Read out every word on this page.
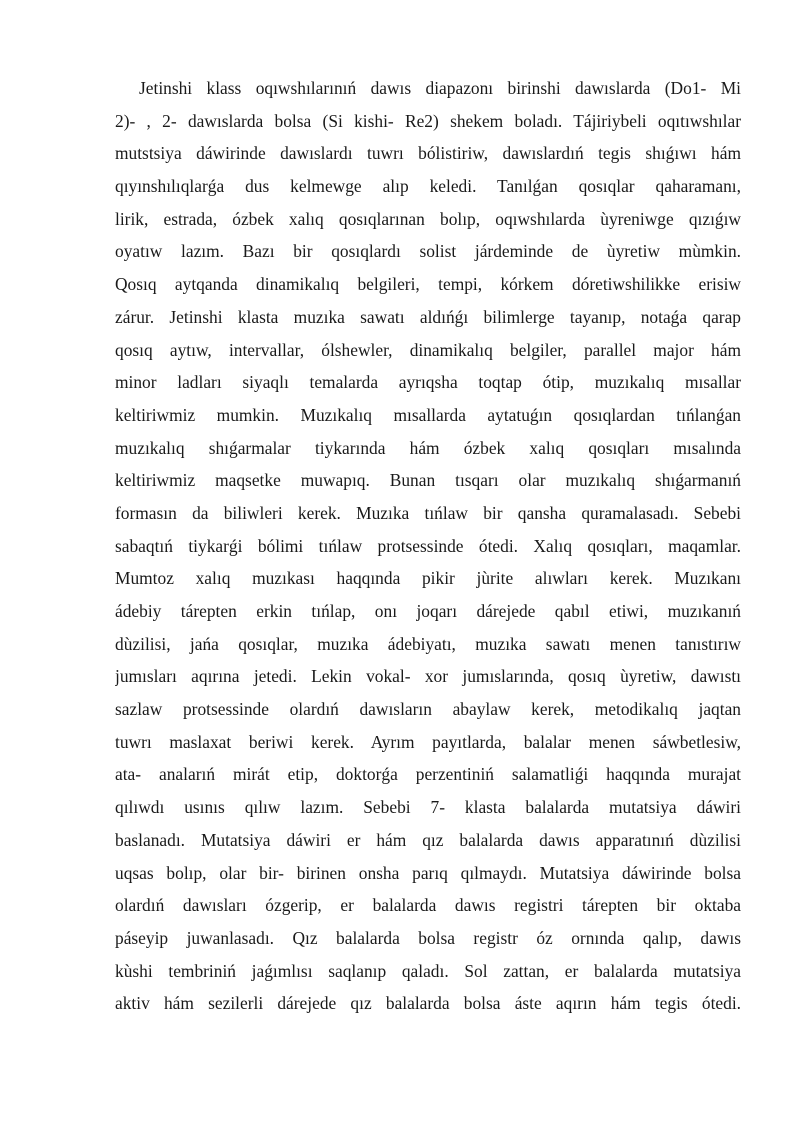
Jetinshi klass oqıwshılarınıń dawıs diapazonı birinshi dawıslarda (Do1- Mi
2)- , 2- dawıslarda bolsa (Si kishi- Re2) shekem boladı. Tájiriybeli oqıtıwshılar
mutstsiya dáwirinde dawıslardı tuwrı bólistiriw, dawıslardıń tegis shıǵıwı hám
qıyınshılıqlarǵa dus kelmewge alıp keledi. Tanılǵan qosıqlar qaharamanı,
lirik, estrada, ózbek xalıq qosıqlarınan bolıp, oqıwshılarda ùyreniwge qızıǵıw
oyatıw lazım. Bazı bir qosıqlardı solist járdeminde de ùyretiw mùmkin.
Qosıq aytqanda dinamikalıq belgileri, tempi, kórkem dóretiwshilikke erisiw
zárur. Jetinshi klasta muzıka sawatı aldıńǵı bilimlerge tayanıp, notaǵa qarap
qosıq aytıw, intervallar, ólshewler, dinamikalıq belgiler, parallel major hám
minor ladları siyaqlı temalarda ayrıqsha toqtap ótip, muzıkalıq mısallar
keltiriwmiz mumkin. Muzıkalıq mısallarda aytatuǵın qosıqlardan tıńlanǵan
muzıkalıq shıǵarmalar tiykarında hám ózbek xalıq qosıqları mısalında
keltiriwmiz maqsetke muwapıq. Bunan tısqarı olar muzıkalıq shıǵarmanıń
formasın da biliwleri kerek. Muzıka tıńlaw bir qansha quramalasadı. Sebebi
sabaqtıń tiykarǵi bólimi tıńlaw protsessinde ótedi. Xalıq qosıqları, maqamlar.
Mumtoz xalıq muzıkası haqqında pikir jùrite alıwları kerek. Muzıkanı
ádebiy tárepten erkin tıńlap, onı joqarı dárejede qabıl etiwi, muzıkanıń
dùzilisi, jańa qosıqlar, muzıka ádebiyatı, muzıka sawatı menen tanıstırıw
jumısları aqırına jetedi. Lekin vokal- xor jumıslarında, qosıq ùyretiw, dawıstı
sazlaw protsessinde olardıń dawısların abaylaw kerek, metodikalıq jaqtan
tuwrı maslaxat beriwi kerek. Ayrım payıtlarda, balalar menen sáwbetlesiw,
ata- analarıń mirát etip, doktorǵa perzentiniń salamatliǵi haqqında murajat
qılıwdı usınıs qılıw lazım. Sebebi 7- klasta balalarda mutatsiya dáwiri
baslanadı. Mutatsiya dáwiri er hám qız balalarda dawıs apparatınıń dùzilisi
uqsas bolıp, olar bir- birinen onsha parıq qılmaydı. Mutatsiya dáwirinde bolsa
olardıń dawısları ózgerip, er balalarda dawıs registri tárepten bir oktaba
páseyip juwanlasadı. Qız balalarda bolsa registr óz ornında qalıp, dawıs
kùshi tembriniń jaǵımlısı saqlanıp qaladı. Sol zattan, er balalarda mutatsiya
aktiv hám sezilerli dárejede qız balalarda bolsa áste aqırın hám tegis ótedi.
